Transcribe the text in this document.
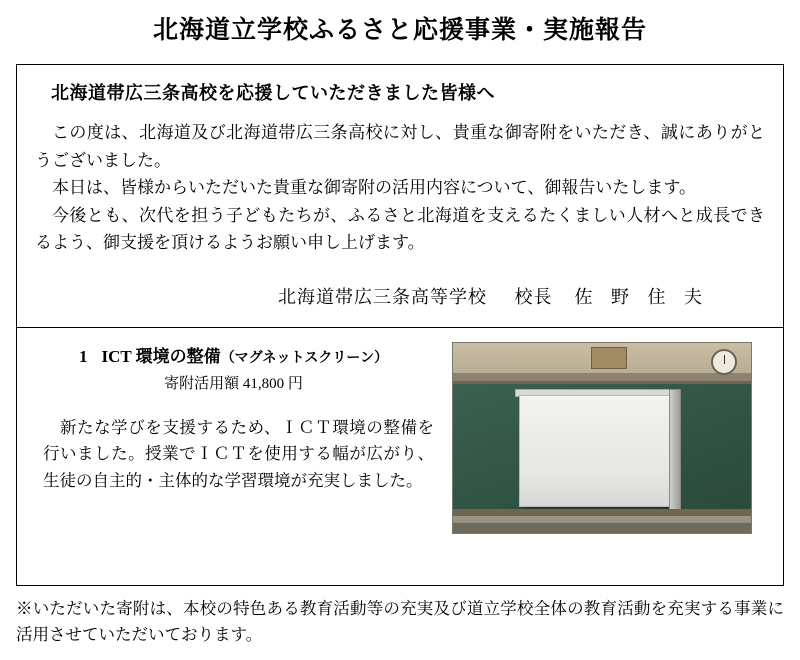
北海道立学校ふるさと応援事業・実施報告
北海道帯広三条高校を応援していただきました皆様へ

この度は、北海道及び北海道帯広三条高校に対し、貴重な御寄附をいただき、誠にありがとうございました。

本日は、皆様からいただいた貴重な御寄附の活用内容について、御報告いたします。

今後とも、次代を担う子どもたちが、ふるさと北海道を支えるたくましい人材へと成長できるよう、御支援を頂けるようお願い申し上げます。

北海道帯広三条高等学校 校長 佐 野 住 夫
1 ICT 環境の整備（マグネットスクリーン）
寄附活用額 41,800 円
新たな学びを支援するため、ＩＣＴ環境の整備を行いました。授業でＩＣＴを使用する幅が広がり、生徒の自主的・主体的な学習環境が充実しました。
※いただいた寄附は、本校の特色ある教育活動等の充実及び道立学校全体の教育活動を充実する事業に活用させていただいております。
